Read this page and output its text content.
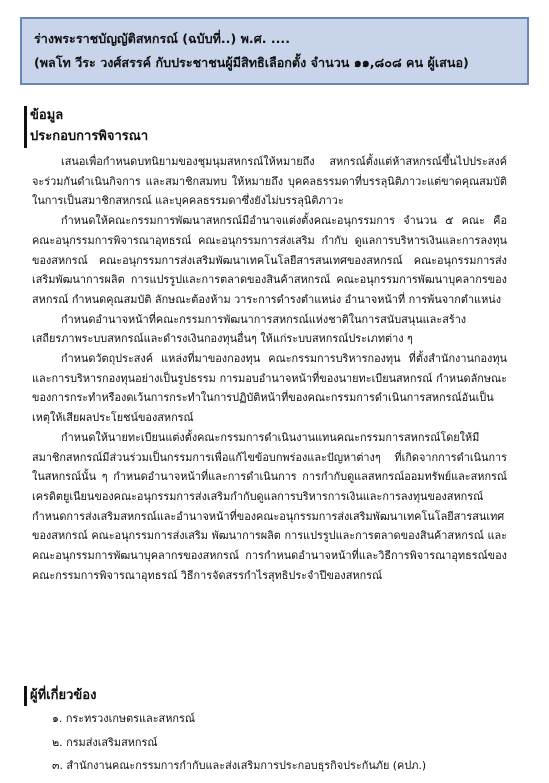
ร่างพระราชบัญญัติสหกรณ์ (ฉบับที่..) พ.ศ. ....
(พลโท วีระ วงศ์สรรค์ กับประชาชนผู้มีสิทธิเลือกตั้ง จำนวน ๑๑,๘๐๘ คน ผู้เสนอ)
ข้อมูล
ประกอบการพิจารณา

เสนอเพื่อกำหนดบทนิยามของชุมนุมสหกรณ์ให้หมายถึง สหกรณ์ตั้งแต่ห้าสหกรณ์ขึ้นไปประสงค์จะร่วมกันดำเนินกิจการ และสมาชิกสมทบ ให้หมายถึง บุคคลธรรมดาที่บรรลุนิติภาวะแต่ขาดคุณสมบัติในการเป็นสมาชิกสหกรณ์ และบุคคลธรรมดาซึ่งยังไม่บรรลุนิติภาวะ

กำหนดให้คณะกรรมการพัฒนาสหกรณ์มีอำนาจแต่งตั้งคณะอนุกรรมการ จำนวน ๕ คณะ คือ คณะอนุกรรมการพิจารณาอุทธรณ์ คณะอนุกรรมการส่งเสริม กำกับ ดูแลการบริหารเงินและการลงทุนของสหกรณ์ คณะอนุกรรมการส่งเสริมพัฒนาเทคโนโลยีสารสนเทศของสหกรณ์ คณะอนุกรรมการส่งเสริมพัฒนาการผลิต การแปรรูปและการตลาดของสินค้าสหกรณ์ คณะอนุกรรมการพัฒนาบุคลากรของสหกรณ์ กำหนดคุณสมบัติ ลักษณะต้องห้าม วาระการดำรงตำแหน่ง อำนาจหน้าที่ การพ้นจากตำแหน่ง

กำหนดอำนาจหน้าที่คณะกรรมการพัฒนาการสหกรณ์แห่งชาติในการสนับสนุนและสร้างเสถียรภาพระบบสหกรณ์และดำรงเงินกองทุนอื่นๆ ให้แก่ระบบสหกรณ์ประเภทต่าง ๆ

กำหนดวัตถุประสงค์ แหล่งที่มาของกองทุน คณะกรรมการบริหารกองทุน ที่ตั้งสำนักงานกองทุนและการบริหารกองทุนอย่างเป็นรูปธรรม การมอบอำนาจหน้าที่ของนายทะเบียนสหกรณ์ กำหนดลักษณะของการกระทำหรืองดเว้นการกระทำในการปฏิบัติหน้าที่ของคณะกรรมการดำเนินการสหกรณ์อันเป็นเหตุให้เสียผลประโยชน์ของสหกรณ์

กำหนดให้นายทะเบียนแต่งตั้งคณะกรรมการดำเนินงานแทนคณะกรรมการสหกรณ์โดยให้มีสมาชิกสหกรณ์มีส่วนร่วมเป็นกรรมการเพื่อแก้ไขข้อบกพร่องและปัญหาต่างๆ ที่เกิดจากการดำเนินการในสหกรณ์นั้น ๆ กำหนดอำนาจหน้าที่และการดำเนินการ การกำกับดูแลสหกรณ์ออมทรัพย์และสหกรณ์เครดิตยูเนียนของคณะอนุกรรมการส่งเสริมกำกับดูแลการบริหารการเงินและการลงทุนของสหกรณ์ กำหนดการส่งเสริมสหกรณ์และอำนาจหน้าที่ของคณะอนุกรรมการส่งเสริมพัฒนาเทคโนโลยีสารสนเทศของสหกรณ์ คณะอนุกรรมการส่งเสริม พัฒนาการผลิต การแปรรูปและการตลาดของสินค้าสหกรณ์ และคณะอนุกรรมการพัฒนาบุคลากรของสหกรณ์ การกำหนดอำนาจหน้าที่และวิธีการพิจารณาอุทธรณ์ของคณะกรรมการพิจารณาอุทธรณ์ วิธีการจัดสรรกำไรสุทธิประจำปีของสหกรณ์

ผู้ที่เกี่ยวข้อง
๑. กระทรวงเกษตรและสหกรณ์
๒. กรมส่งเสริมสหกรณ์
๓. สำนักงานคณะกรรมการกำกับและส่งเสริมการประกอบธุรกิจประกันภัย (คปภ.)
